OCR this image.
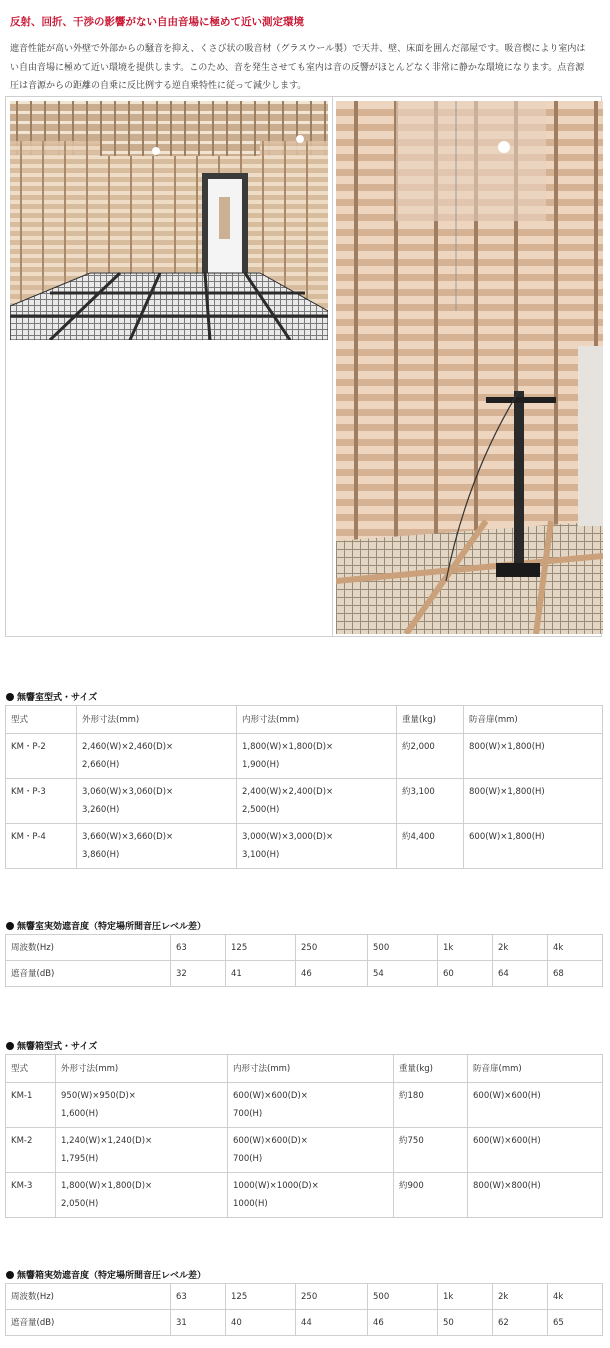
反射、回折、干渉の影響がない自由音場に極めて近い測定環境
遮音性能が高い外壁で外部からの騒音を抑え、くさび状の吸音材（グラスウール製）で天井、壁、床面を囲んだ部屋です。吸音楔により室内は
い自由音場に極めて近い環境を提供します。このため、音を発生させても室内は音の反響がほとんどなく非常に静かな環境になります。点音源
圧は音源からの距離の自乗に反比例する逆自乗特性に従って減少します。
無響室型式・サイズ
型式	外形寸法(mm)	内形寸法(mm)	重量(kg)	防音扉(mm)
KM・P-2	2,460(W)×2,460(D)×
2,660(H)	1,800(W)×1,800(D)×
1,900(H)	約2,000	800(W)×1,800(H)
KM・P-3	3,060(W)×3,060(D)×
3,260(H)	2,400(W)×2,400(D)×
2,500(H)	約3,100	800(W)×1,800(H)
KM・P-4	3,660(W)×3,660(D)×
3,860(H)	3,000(W)×3,000(D)×
3,100(H)	約4,400	600(W)×1,800(H)
無響室実効遮音度（特定場所間音圧レベル差）
周波数(Hz)	63	125	250	500	1k	2k	4k
遮音量(dB)	32	41	46	54	60	64	68
無響箱型式・サイズ
型式	外形寸法(mm)	内形寸法(mm)	重量(kg)	防音扉(mm)
KM-1	950(W)×950(D)×
1,600(H)	600(W)×600(D)×
700(H)	約180	600(W)×600(H)
KM-2	1,240(W)×1,240(D)×
1,795(H)	600(W)×600(D)×
700(H)	約750	600(W)×600(H)
KM-3	1,800(W)×1,800(D)×
2,050(H)	1000(W)×1000(D)×
1000(H)	約900	800(W)×800(H)
無響箱実効遮音度（特定場所間音圧レベル差）
周波数(Hz)	63	125	250	500	1k	2k	4k
遮音量(dB)	31	40	44	46	50	62	65
